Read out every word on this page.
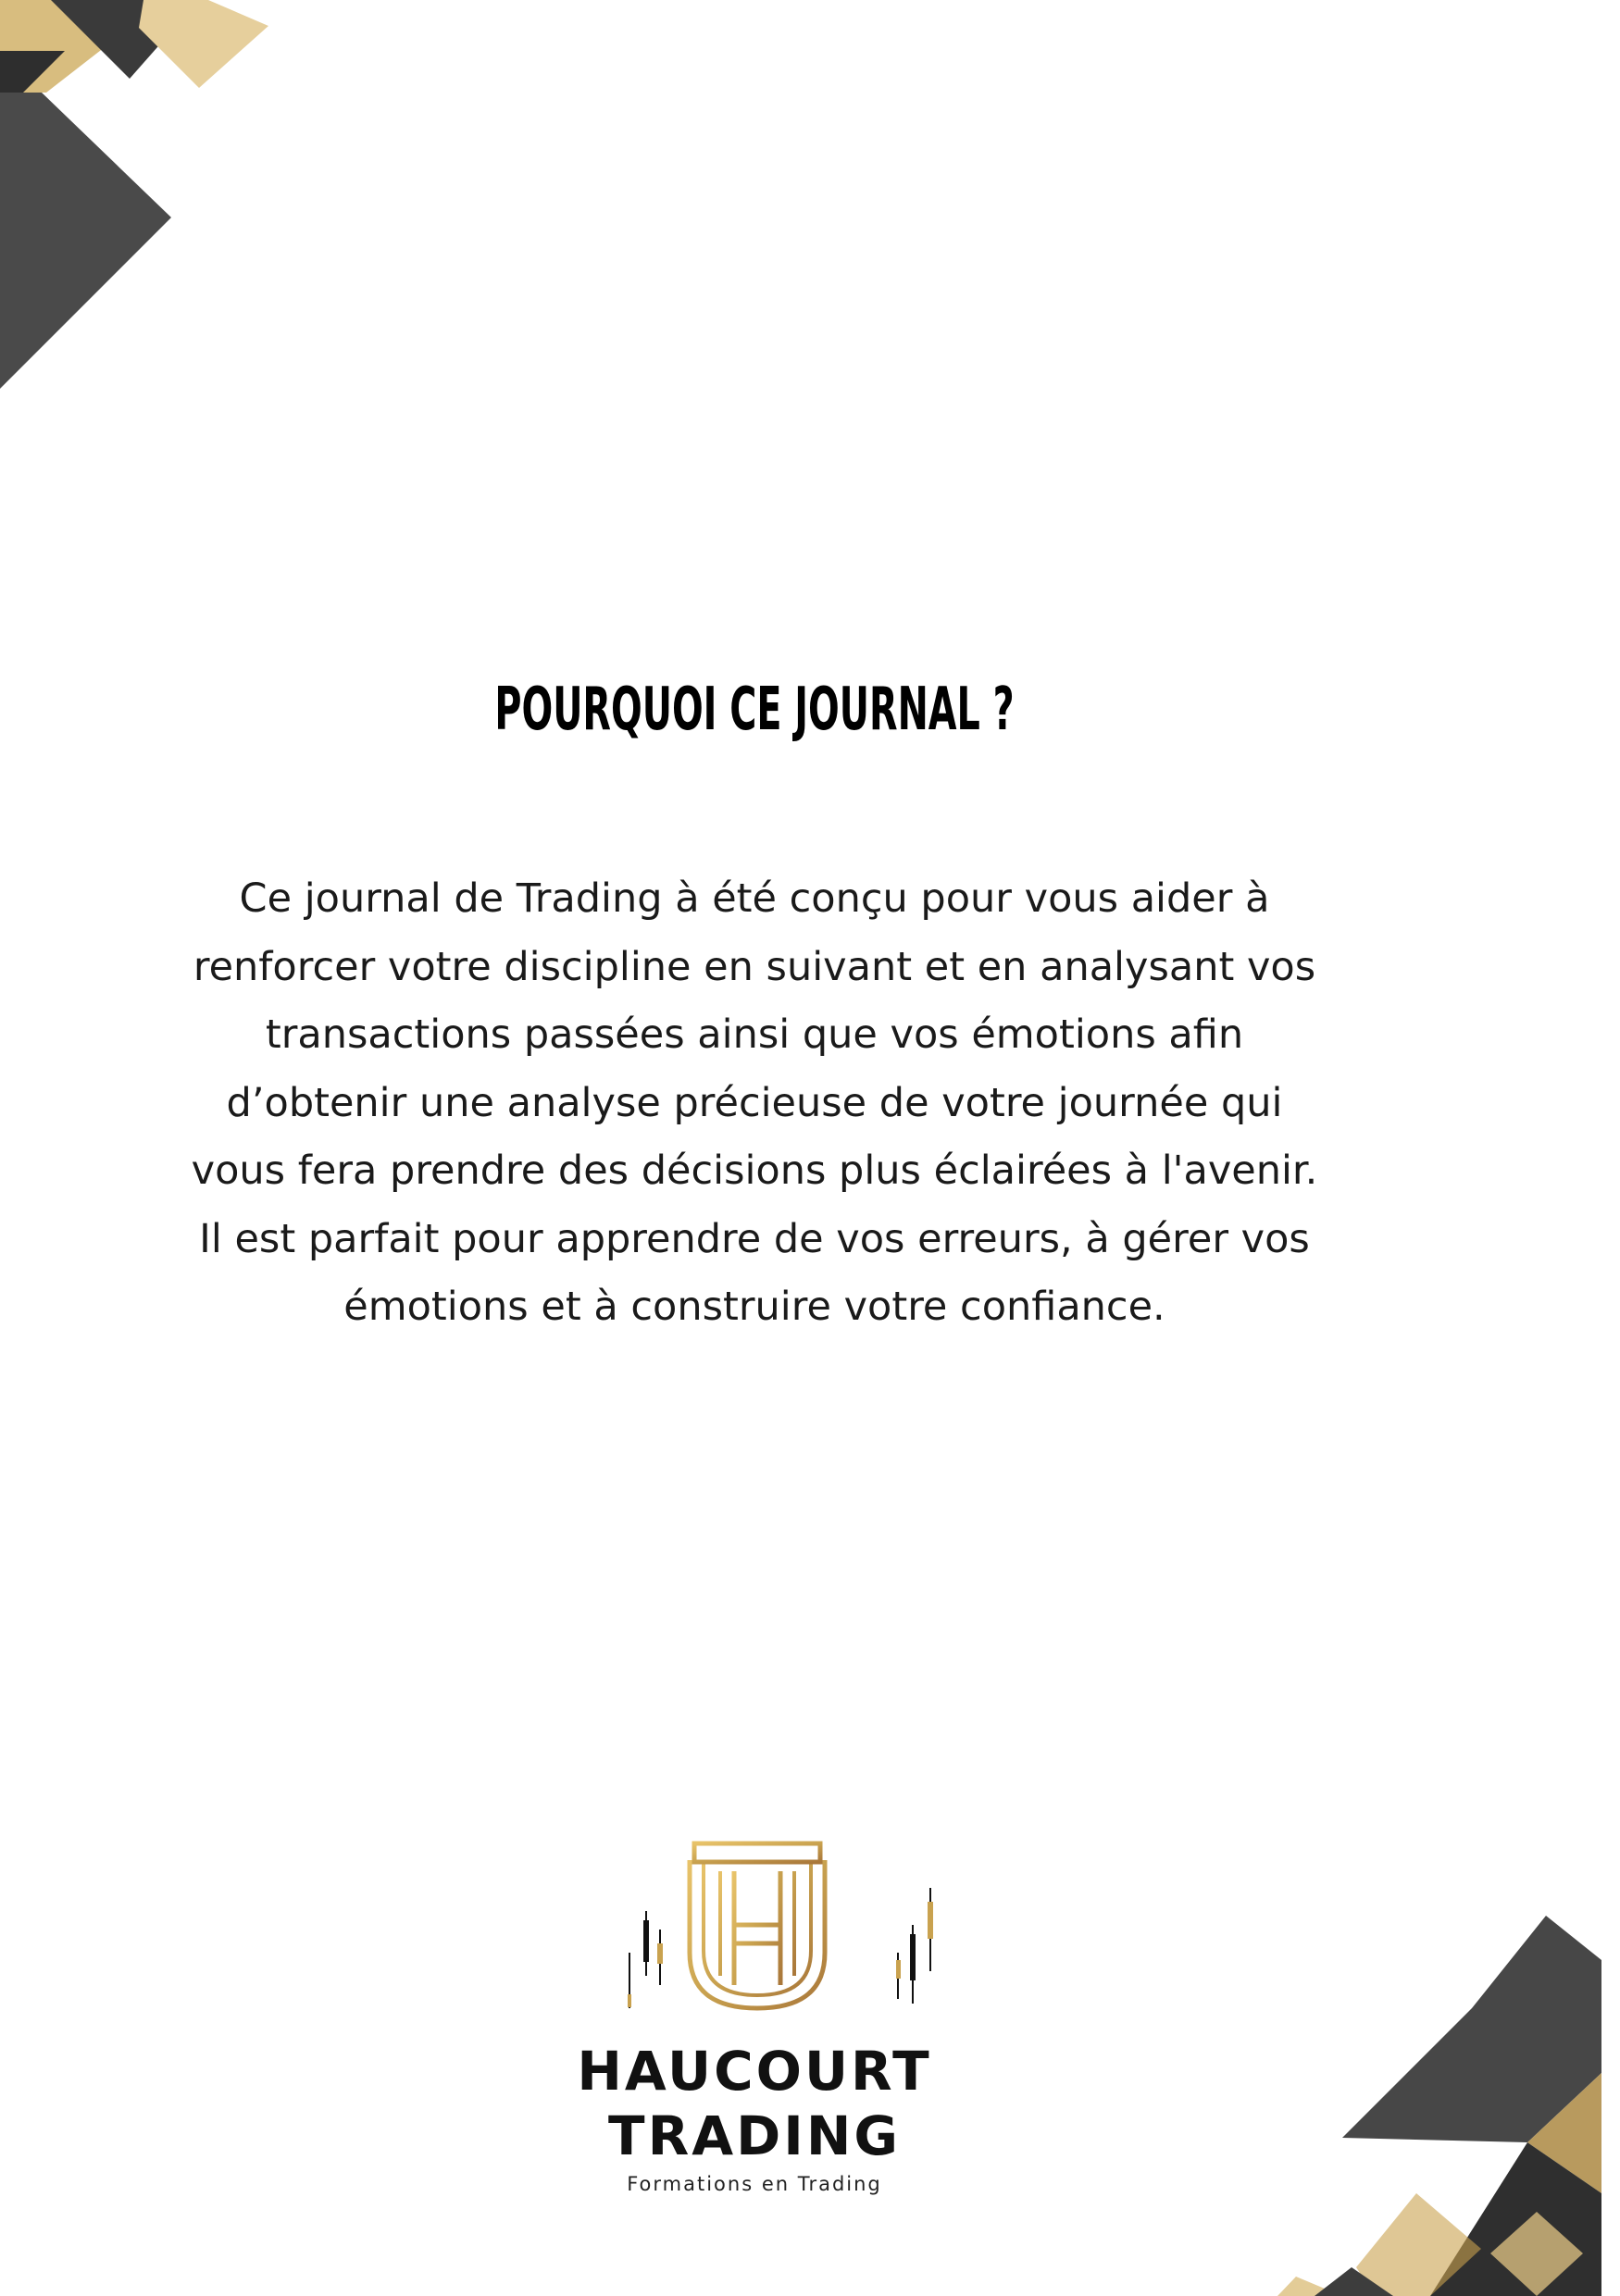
POURQUOI CE JOURNAL ?

Ce journal de Trading à été conçu pour vous aider à
renforcer votre discipline en suivant et en analysant vos
transactions passées ainsi que vos émotions afin
d’obtenir une analyse précieuse de votre journée qui
vous fera prendre des décisions plus éclairées à l'avenir.
Il est parfait pour apprendre de vos erreurs, à gérer vos
émotions et à construire votre confiance.

HAUCOURT

TRADING

Formations en Trading
